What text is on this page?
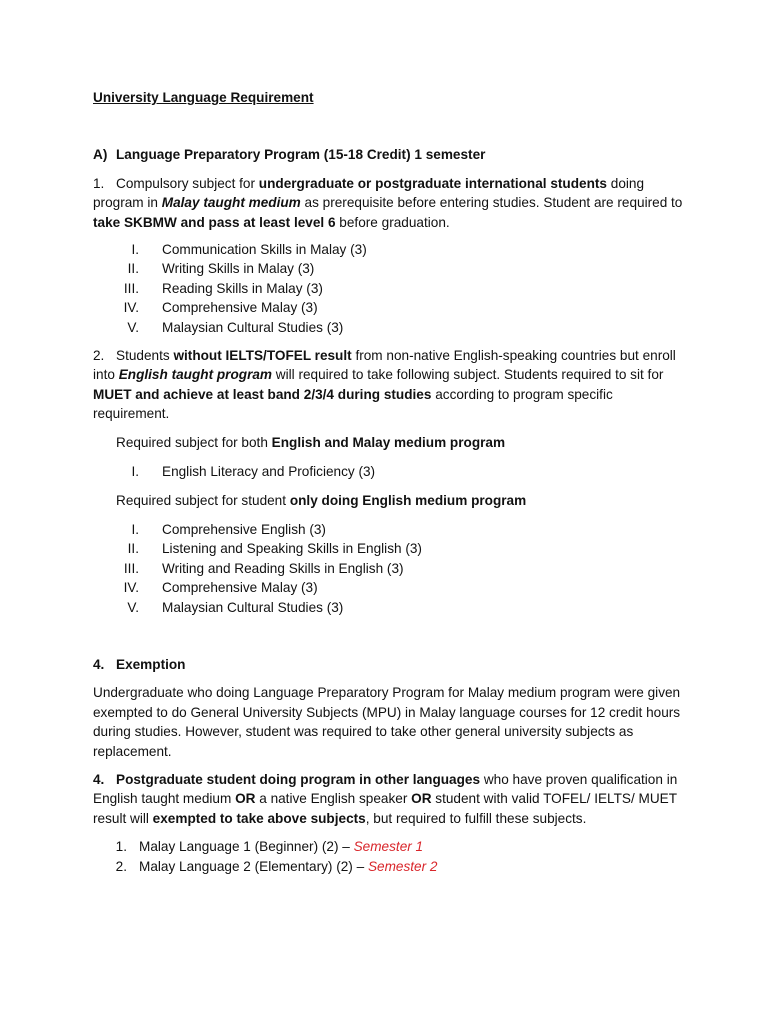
University Language Requirement

A) Language Preparatory Program (15-18 Credit) 1 semester

1. Compulsory subject for undergraduate or postgraduate international students doing program in Malay taught medium as prerequisite before entering studies. Student are required to take SKBMW and pass at least level 6 before graduation.

I. Communication Skills in Malay (3)
II. Writing Skills in Malay (3)
III. Reading Skills in Malay (3)
IV. Comprehensive Malay (3)
V. Malaysian Cultural Studies (3)

2. Students without IELTS/TOFEL result from non-native English-speaking countries but enroll into English taught program will required to take following subject. Students required to sit for MUET and achieve at least band 2/3/4 during studies according to program specific requirement.

Required subject for both English and Malay medium program

I. English Literacy and Proficiency (3)

Required subject for student only doing English medium program

I. Comprehensive English (3)
II. Listening and Speaking Skills in English (3)
III. Writing and Reading Skills in English (3)
IV. Comprehensive Malay (3)
V. Malaysian Cultural Studies (3)

4. Exemption

Undergraduate who doing Language Preparatory Program for Malay medium program were given exempted to do General University Subjects (MPU) in Malay language courses for 12 credit hours during studies. However, student was required to take other general university subjects as replacement.

4. Postgraduate student doing program in other languages who have proven qualification in English taught medium OR a native English speaker OR student with valid TOFEL/ IELTS/ MUET result will exempted to take above subjects, but required to fulfill these subjects.

1. Malay Language 1 (Beginner) (2) – Semester 1
2. Malay Language 2 (Elementary) (2) – Semester 2
